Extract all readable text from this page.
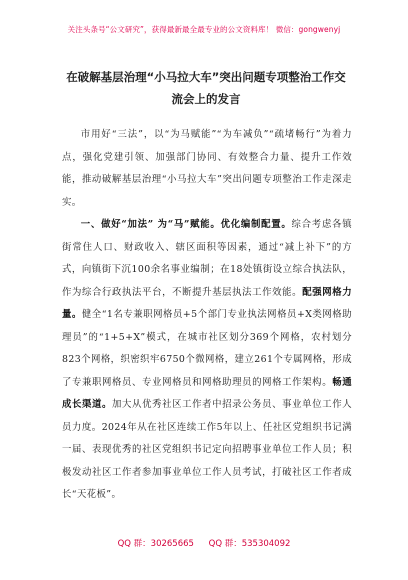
关注头条号“公文研究”，获得最新最全最专业的公文资料库！ 微信：gongwenyj
在破解基层治理“小马拉大车”突出问题专项整治工作交
流会上的发言

市用好“三法”，以“为马赋能”“为车减负”“疏堵畅行”为着力点，强化党建引领、加强部门协同、有效整合力量、提升工作效能，推动破解基层治理“小马拉大车”突出问题专项整治工作走深走实。

一、做好“加法” 为“马”赋能。优化编制配置。综合考虑各镇街常住人口、财政收入、辖区面积等因素，通过“减上补下”的方式，向镇街下沉100余名事业编制；在18处镇街设立综合执法队，作为综合行政执法平台，不断提升基层执法工作效能。配强网格力量。健全“1名专兼职网格员+5个部门专业执法网格员+X类网格助理员”的“1+5+X”模式，在城市社区划分369个网格，农村划分823个网格，织密织牢6750个微网格，建立261个专属网格，形成了专兼职网格员、专业网格员和网格助理员的网格工作架构。畅通成长渠道。加大从优秀社区工作者中招录公务员、事业单位工作人员力度。2024年从在社区连续工作5年以上、任社区党组织书记满一届、表现优秀的社区党组织书记定向招聘事业单位工作人员；积极发动社区工作者参加事业单位工作人员考试，打破社区工作者成长“天花板”。

QQ 群：30265665 QQ 群：535304092
